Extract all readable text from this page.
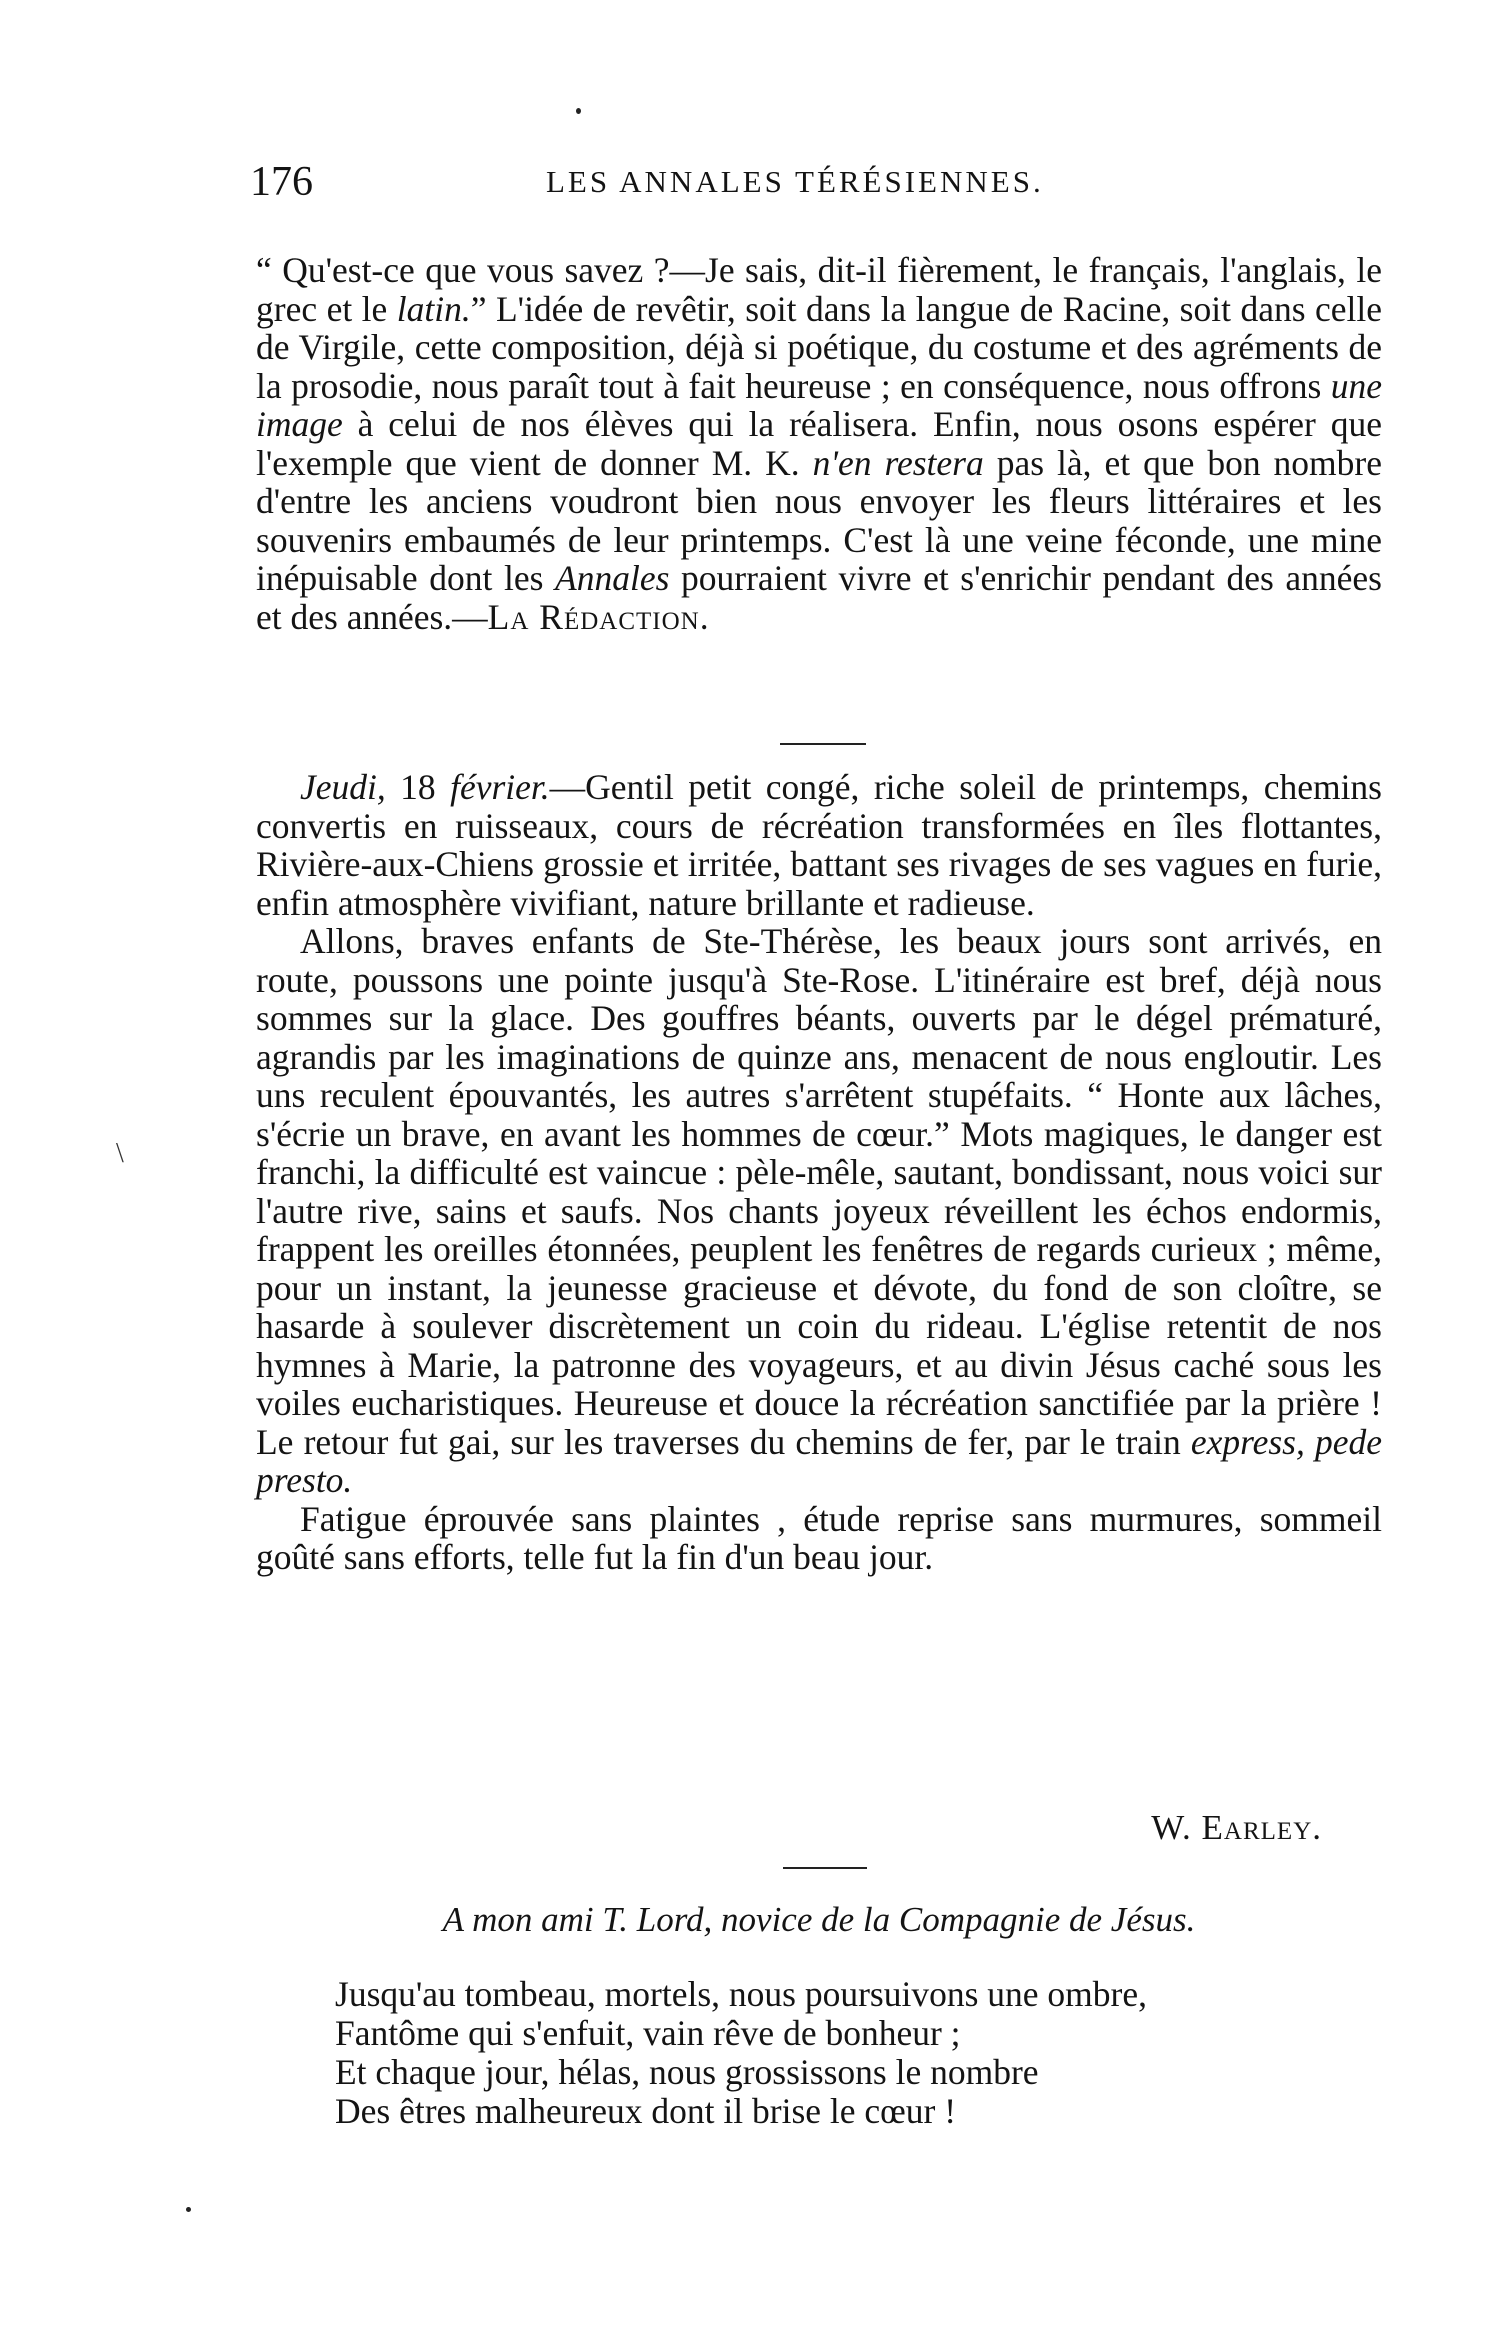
176	LES ANNALES TÉRÉSIENNES.
\

“ Qu'est-ce que vous savez ?—Je sais, dit-il fièrement, le français, l'anglais, le grec et le latin.” L'idée de revêtir, soit dans la langue de Racine, soit dans celle de Virgile, cette composition, déjà si poétique, du costume et des agréments de la prosodie, nous paraît tout à fait heureuse ; en conséquence, nous offrons une image à celui de nos élèves qui la réalisera. Enfin, nous osons espérer que l'exemple que vient de donner M. K. n'en restera pas là, et que bon nombre d'entre les anciens voudront bien nous envoyer les fleurs littéraires et les souvenirs embaumés de leur printemps. C'est là une veine féconde, une mine inépuisable dont les Annales pourraient vivre et s'enrichir pendant des années et des années.—La Rédaction.

Jeudi, 18 février.—Gentil petit congé, riche soleil de printemps, chemins convertis en ruisseaux, cours de récréation transformées en îles flottantes, Rivière-aux-Chiens grossie et irritée, battant ses rivages de ses vagues en furie, enfin atmosphère vivifiant, nature brillante et radieuse.

Allons, braves enfants de Ste-Thérèse, les beaux jours sont arrivés, en route, poussons une pointe jusqu'à Ste-Rose. L'itinéraire est bref, déjà nous sommes sur la glace. Des gouffres béants, ouverts par le dégel prématuré, agrandis par les imaginations de quinze ans, menacent de nous engloutir. Les uns reculent épouvantés, les autres s'arrêtent stupéfaits. “ Honte aux lâches, s'écrie un brave, en avant les hommes de cœur.” Mots magiques, le danger est franchi, la difficulté est vaincue : pèle-mêle, sautant, bondissant, nous voici sur l'autre rive, sains et saufs. Nos chants joyeux réveillent les échos endormis, frappent les oreilles étonnées, peuplent les fenêtres de regards curieux ; même, pour un instant, la jeunesse gracieuse et dévote, du fond de son cloître, se hasarde à soulever discrètement un coin du rideau. L'église retentit de nos hymnes à Marie, la patronne des voyageurs, et au divin Jésus caché sous les voiles eucharistiques. Heureuse et douce la récréation sanctifiée par la prière ! Le retour fut gai, sur les traverses du chemins de fer, par le train express, pede presto.

Fatigue éprouvée sans plaintes , étude reprise sans murmures, sommeil goûté sans efforts, telle fut la fin d'un beau jour.

W. Earley.
A mon ami T. Lord, novice de la Compagnie de Jésus.
Jusqu'au tombeau, mortels, nous poursuivons une ombre,
Fantôme qui s'enfuit, vain rêve de bonheur ;
Et chaque jour, hélas, nous grossissons le nombre
Des êtres malheureux dont il brise le cœur !
